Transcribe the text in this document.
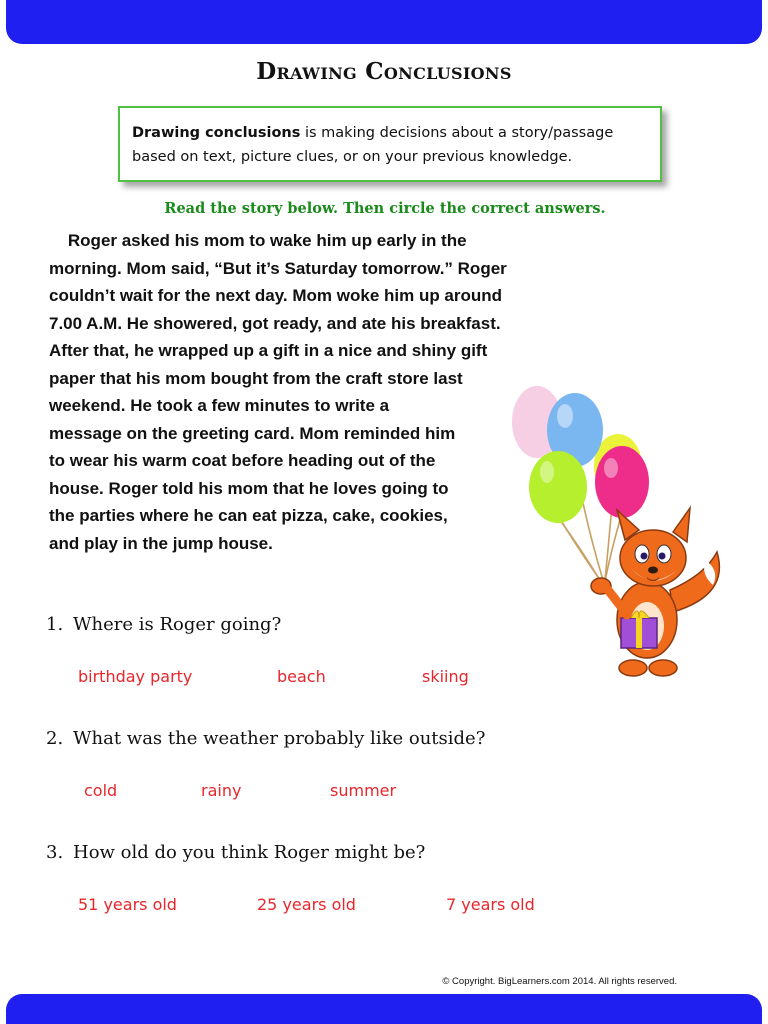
Drawing Conclusions
Drawing conclusions is making decisions about a story/passage
based on text, picture clues, or on your previous knowledge.
Read the story below. Then circle the correct answers.
Roger asked his mom to wake him up early in the
morning. Mom said, “But it’s Saturday tomorrow.” Roger
couldn’t wait for the next day. Mom woke him up around
7.00 A.M. He showered, got ready, and ate his breakfast.
After that, he wrapped up a gift in a nice and shiny gift
paper that his mom bought from the craft store last
weekend. He took a few minutes to write a
message on the greeting card. Mom reminded him
to wear his warm coat before heading out of the
house. Roger told his mom that he loves going to
the parties where he can eat pizza, cake, cookies,
and play in the jump house.
1. Where is Roger going?
birthday party	beach	skiing
2. What was the weather probably like outside?
cold	rainy	summer
3. How old do you think Roger might be?
51 years old	25 years old	7 years old
© Copyright. BigLearners.com 2014. All rights reserved.
